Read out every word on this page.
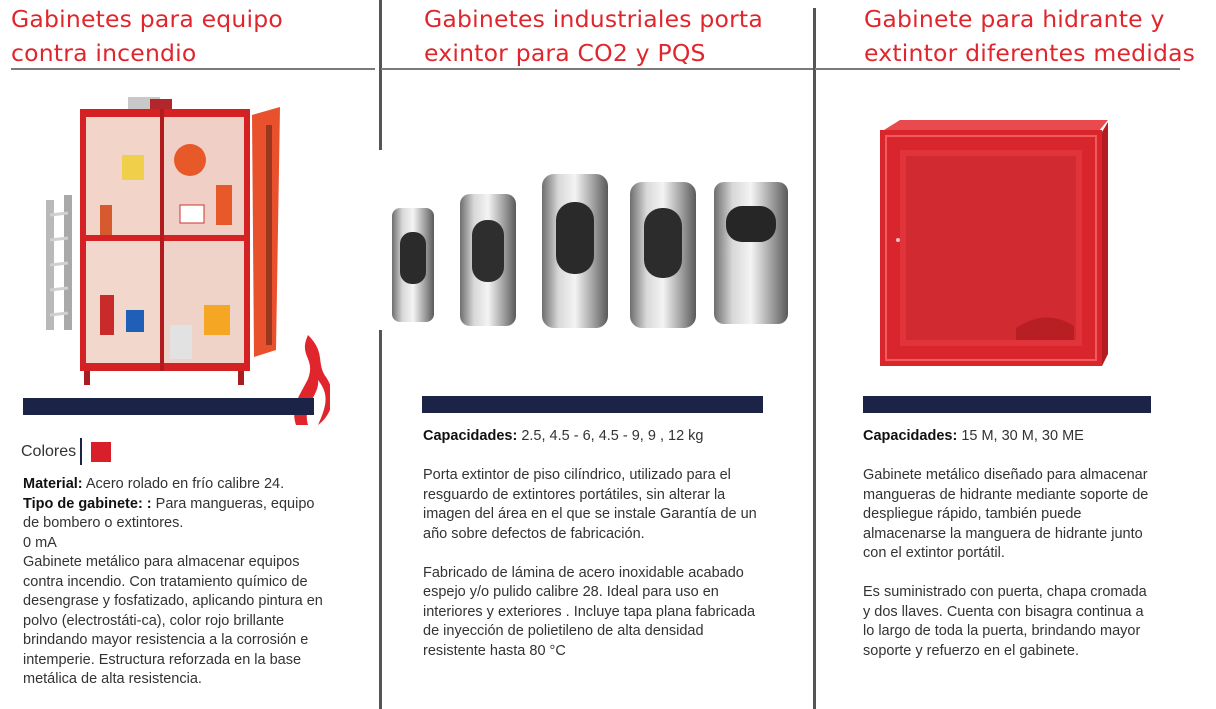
Gabinetes para equipo
contra incendio
Colores
Material: Acero rolado en frío calibre 24.
Tipo de gabinete: : Para mangueras, equipo de bombero o extintores.
0 mA
Gabinete metálico para almacenar equipos contra incendio. Con tratamiento químico de desengrase y fosfatizado, aplicando pintura en polvo (electrostáti-ca), color rojo brillante brindando mayor resistencia a la corrosión e intemperie. Estructura reforzada en la base metálica de alta resistencia.
Gabinetes industriales porta
exintor para CO2 y PQS

Capacidades: 2.5, 4.5 - 6, 4.5 - 9, 9 , 12 kg

Porta extintor de piso cilíndrico, utilizado para el resguardo de extintores portátiles, sin alterar la imagen del área en el que se instale Garantía de un año sobre defectos de fabricación.

Fabricado de lámina de acero inoxidable acabado espejo y/o pulido calibre 28. Ideal para uso en interiores y exteriores . Incluye tapa plana fabricada de inyección de polietileno de alta densidad resistente hasta 80 °C

Gabinete para hidrante y
extintor diferentes medidas

Capacidades: 15 M, 30 M, 30 ME

Gabinete metálico diseñado para almacenar mangueras de hidrante mediante soporte de despliegue rápido, también puede almacenarse la manguera de hidrante junto con el extintor portátil.

Es suministrado con puerta, chapa cromada y dos llaves. Cuenta con bisagra continua a lo largo de toda la puerta, brindando mayor soporte y refuerzo en el gabinete.
